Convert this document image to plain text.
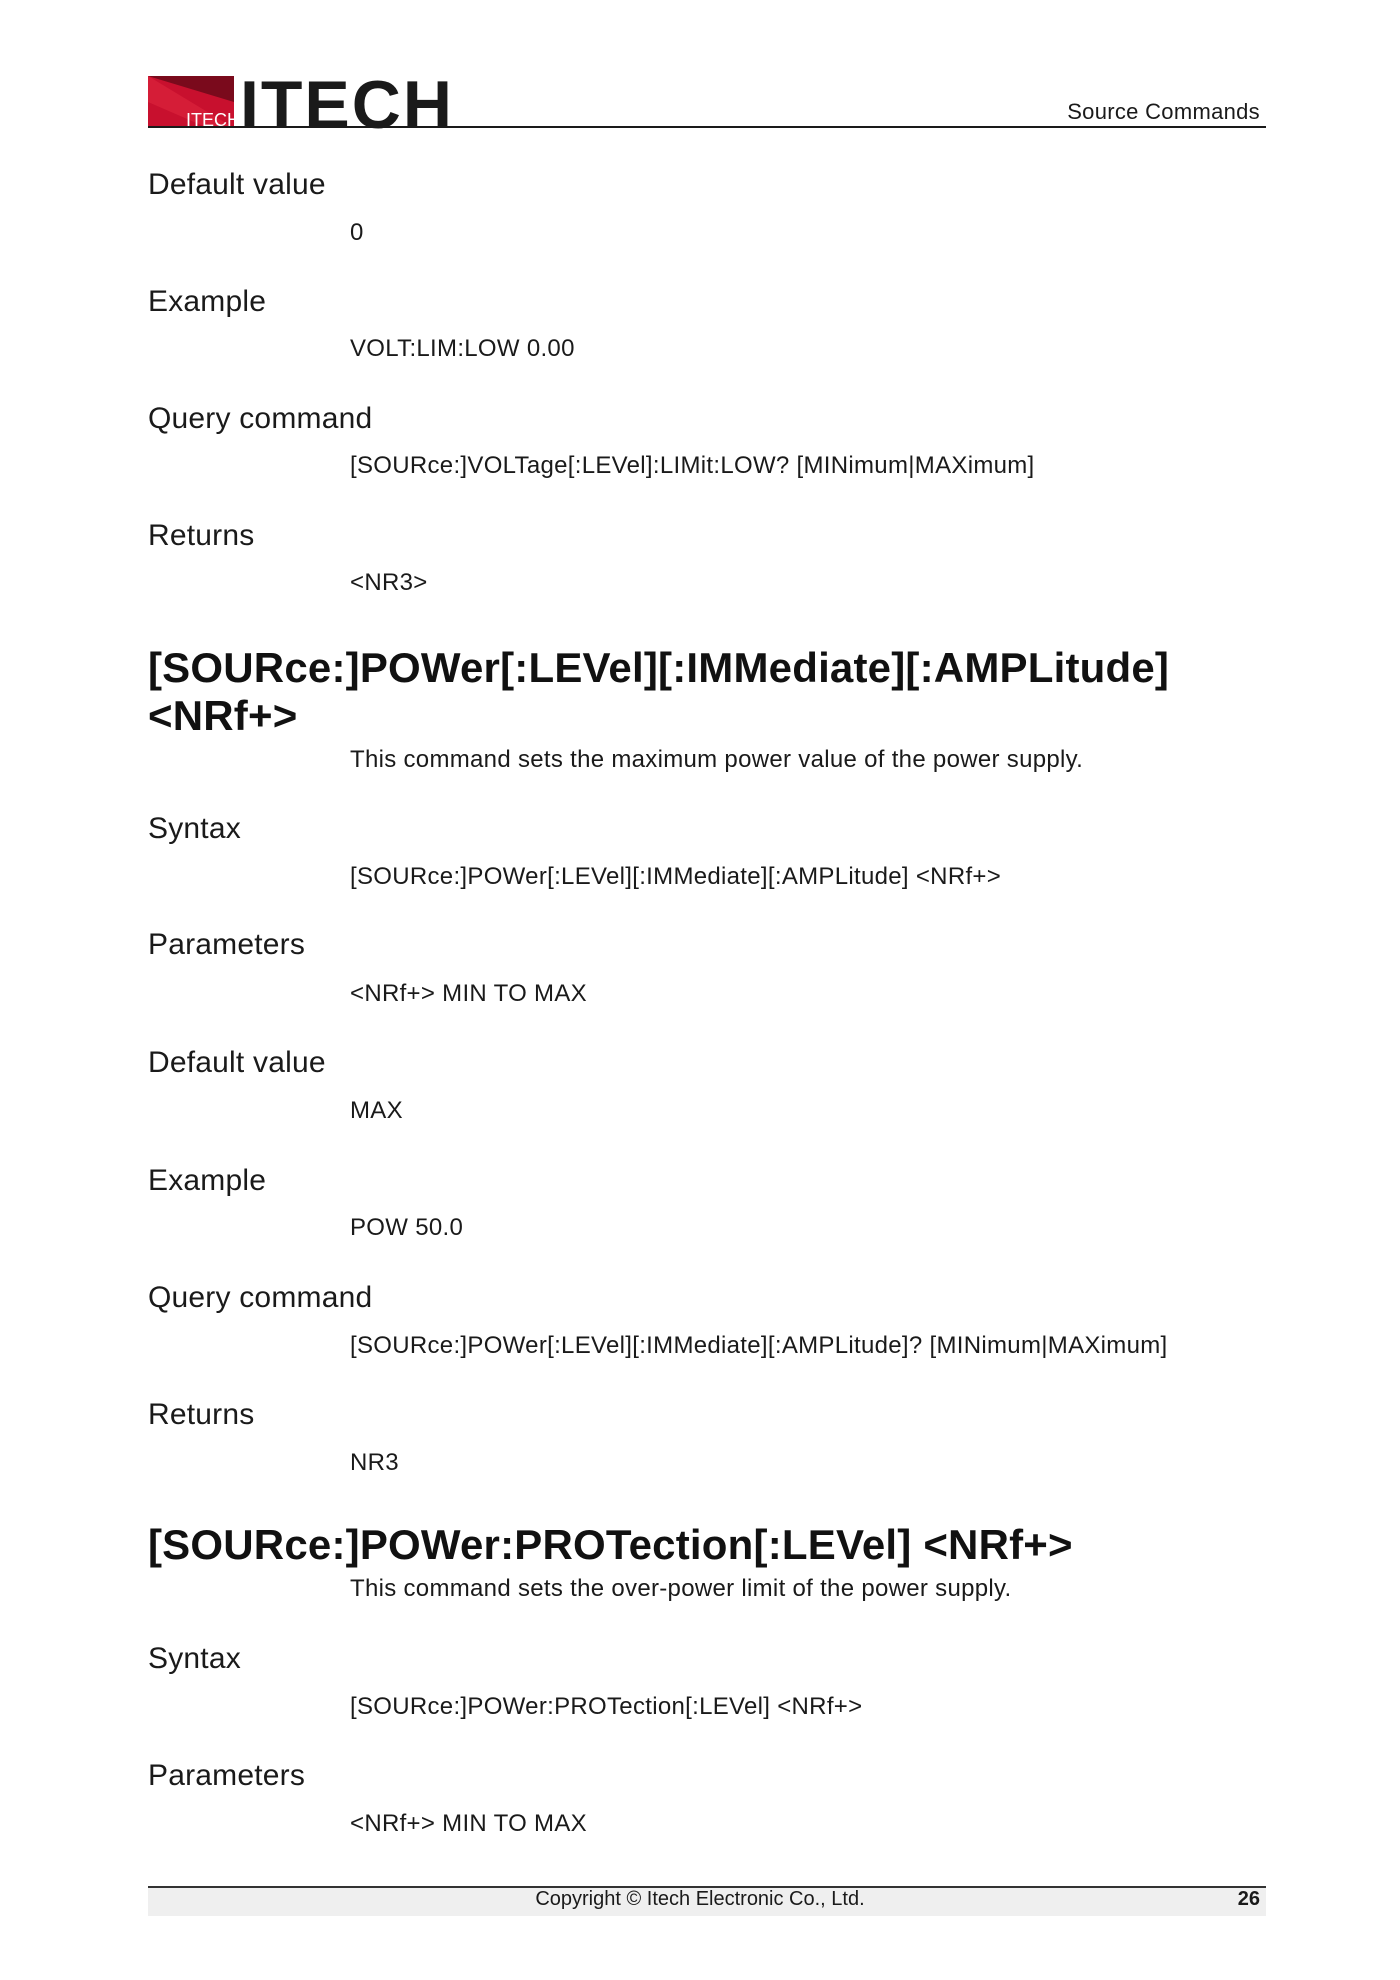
ITECH ITECH	Source Commands
Default value
0
Example
VOLT:LIM:LOW 0.00
Query command
[SOURce:]VOLTage[:LEVel]:LIMit:LOW? [MINimum|MAXimum]
Returns
<NR3>
[SOURce:]POWer[:LEVel][:IMMediate][:AMPLitude] <NRf+>
This command sets the maximum power value of the power supply.
Syntax
[SOURce:]POWer[:LEVel][:IMMediate][:AMPLitude] <NRf+>
Parameters
<NRf+> MIN TO MAX
Default value
MAX
Example
POW 50.0
Query command
[SOURce:]POWer[:LEVel][:IMMediate][:AMPLitude]? [MINimum|MAXimum]
Returns
NR3
[SOURce:]POWer:PROTection[:LEVel] <NRf+>
This command sets the over-power limit of the power supply.
Syntax
[SOURce:]POWer:PROTection[:LEVel] <NRf+>
Parameters
<NRf+> MIN TO MAX
Copyright © Itech Electronic Co., Ltd.	26
